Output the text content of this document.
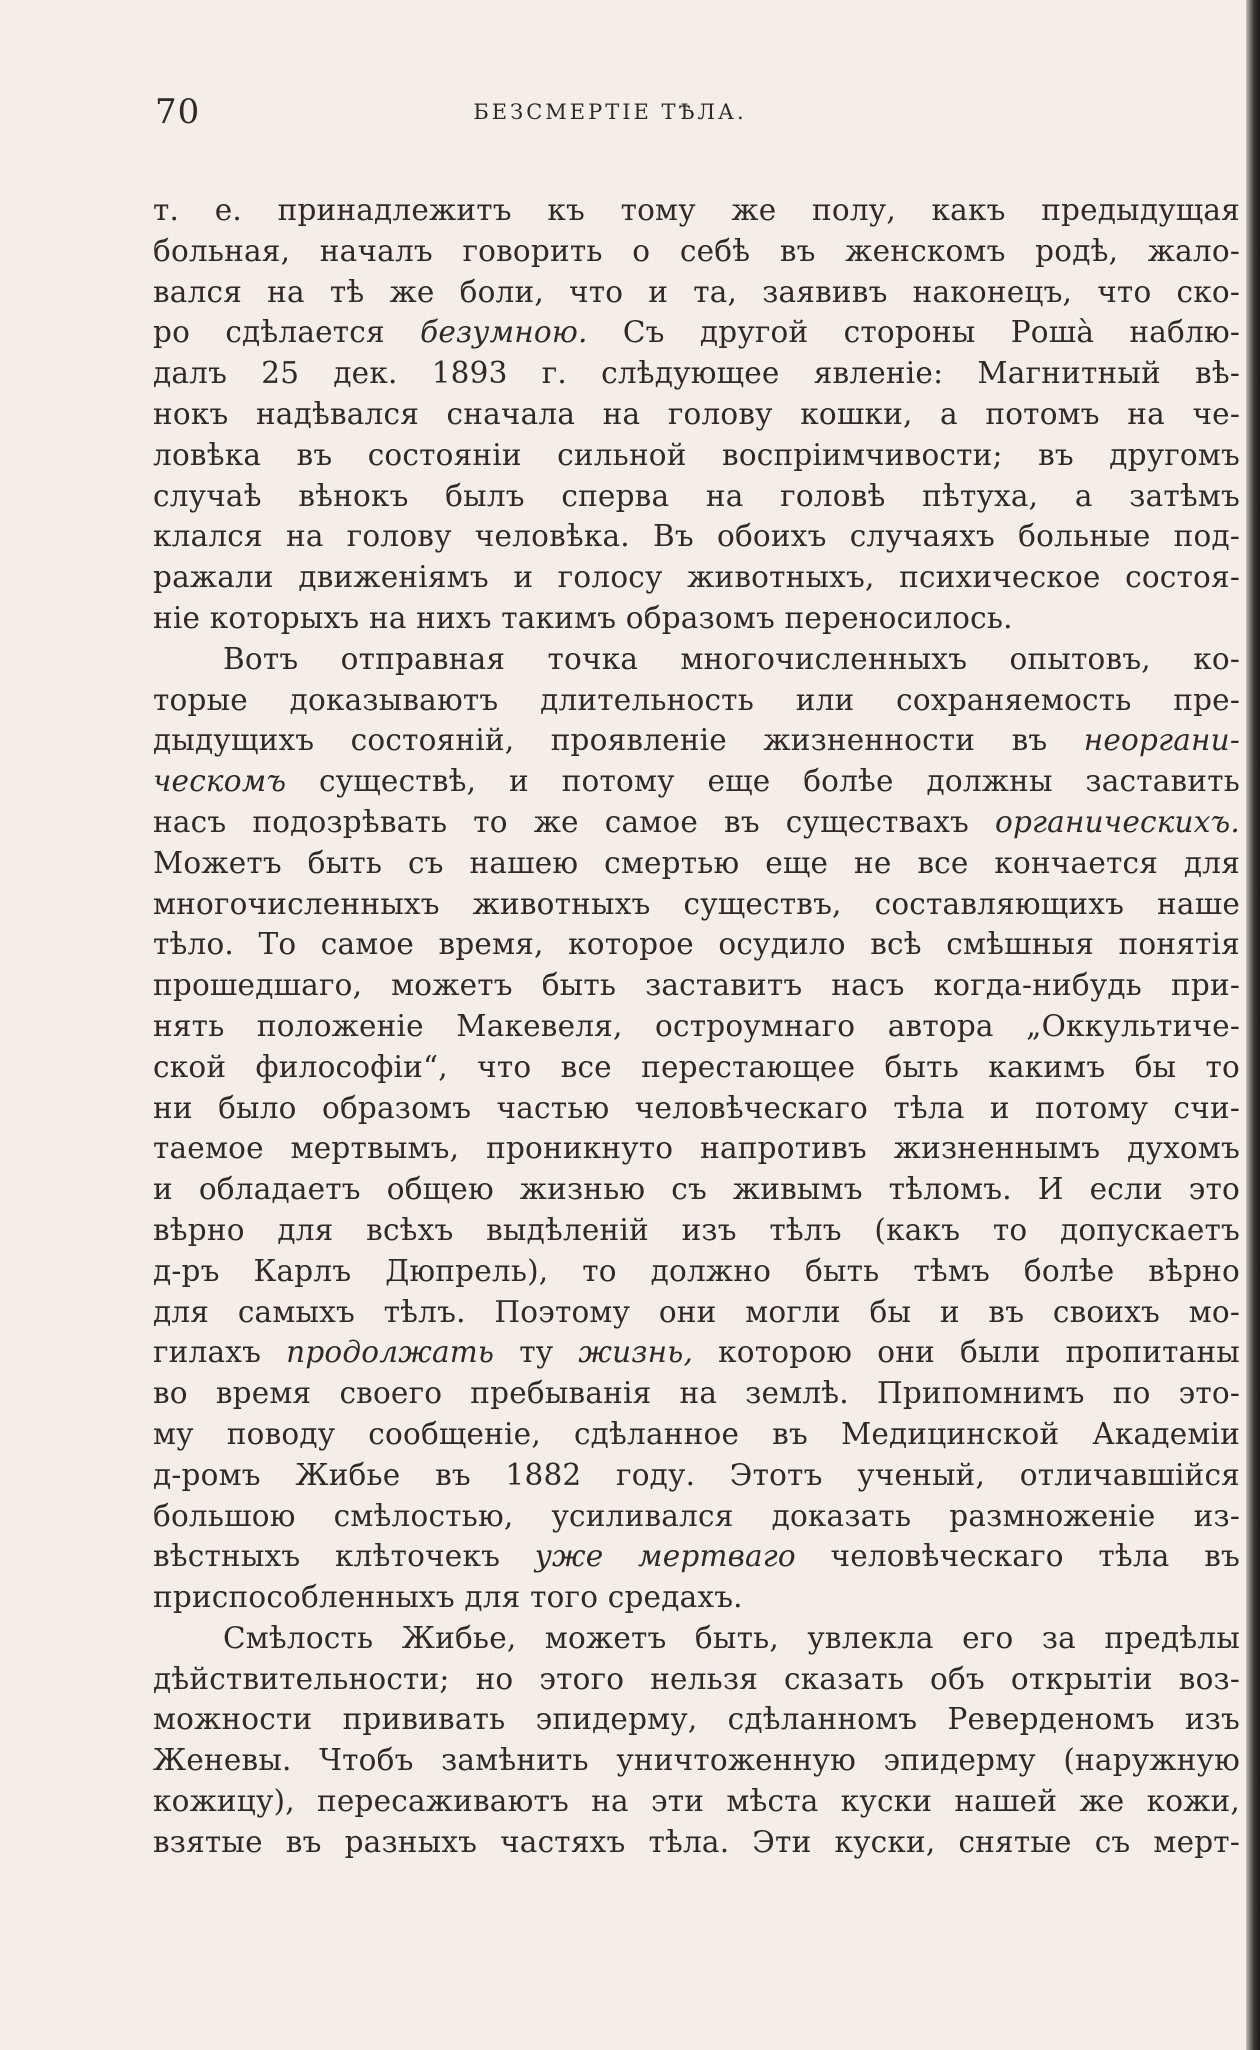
70	БЕЗСМЕРТІЕ ТѢЛА.
т. е. принадлежитъ къ тому же полу, какъ предыдущая
больная, началъ говорить о себѣ въ женскомъ родѣ, жало-
вался на тѣ же боли, что и та, заявивъ наконецъ, что ско-
ро сдѣлается безумною. Съ другой стороны Рошà наблю-
далъ 25 дек. 1893 г. слѣдующее явленіе: Магнитный вѣ-
нокъ надѣвался сначала на голову кошки, а потомъ на че-
ловѣка въ состояніи сильной воспріимчивости; въ другомъ
случаѣ вѣнокъ былъ сперва на головѣ пѣтуха, а затѣмъ
клался на голову человѣка. Въ обоихъ случаяхъ больные под-
ражали движеніямъ и голосу животныхъ, психическое состоя-
ніе которыхъ на нихъ такимъ образомъ переносилось.
Вотъ отправная точка многочисленныхъ опытовъ, ко-
торые доказываютъ длительность или сохраняемость пре-
дыдущихъ состояній, проявленіе жизненности въ неоргани-
ческомъ существѣ, и потому еще болѣе должны заставить
насъ подозрѣвать то же самое въ существахъ органическихъ.
Можетъ быть съ нашею смертью еще не все кончается для
многочисленныхъ животныхъ существъ, составляющихъ наше
тѣло. То самое время, которое осудило всѣ смѣшныя понятія
прошедшаго, можетъ быть заставитъ насъ когда-нибудь при-
нять положеніе Макевеля, остроумнаго автора „Оккультиче-
ской философіи“, что все перестающее быть какимъ бы то
ни было образомъ частью человѣческаго тѣла и потому счи-
таемое мертвымъ, проникнуто напротивъ жизненнымъ духомъ
и обладаетъ общею жизнью съ живымъ тѣломъ. И если это
вѣрно для всѣхъ выдѣленій изъ тѣлъ (какъ то допускаетъ
д-ръ Карлъ Дюпрель), то должно быть тѣмъ болѣе вѣрно
для самыхъ тѣлъ. Поэтому они могли бы и въ своихъ мо-
гилахъ продолжать ту жизнь, которою они были пропитаны
во время своего пребыванія на землѣ. Припомнимъ по это-
му поводу сообщеніе, сдѣланное въ Медицинской Академіи
д-ромъ Жибье въ 1882 году. Этотъ ученый, отличавшійся
большою смѣлостью, усиливался доказать размноженіе из-
вѣстныхъ клѣточекъ уже мертваго человѣческаго тѣла въ
приспособленныхъ для того средахъ.
Смѣлость Жибье, можетъ быть, увлекла его за предѣлы
дѣйствительности; но этого нельзя сказать объ открытіи воз-
можности прививать эпидерму, сдѣланномъ Реверденомъ изъ
Женевы. Чтобъ замѣнить уничтоженную эпидерму (наружную
кожицу), пересаживаютъ на эти мѣста куски нашей же кожи,
взятые въ разныхъ частяхъ тѣла. Эти куски, снятые съ мерт-
